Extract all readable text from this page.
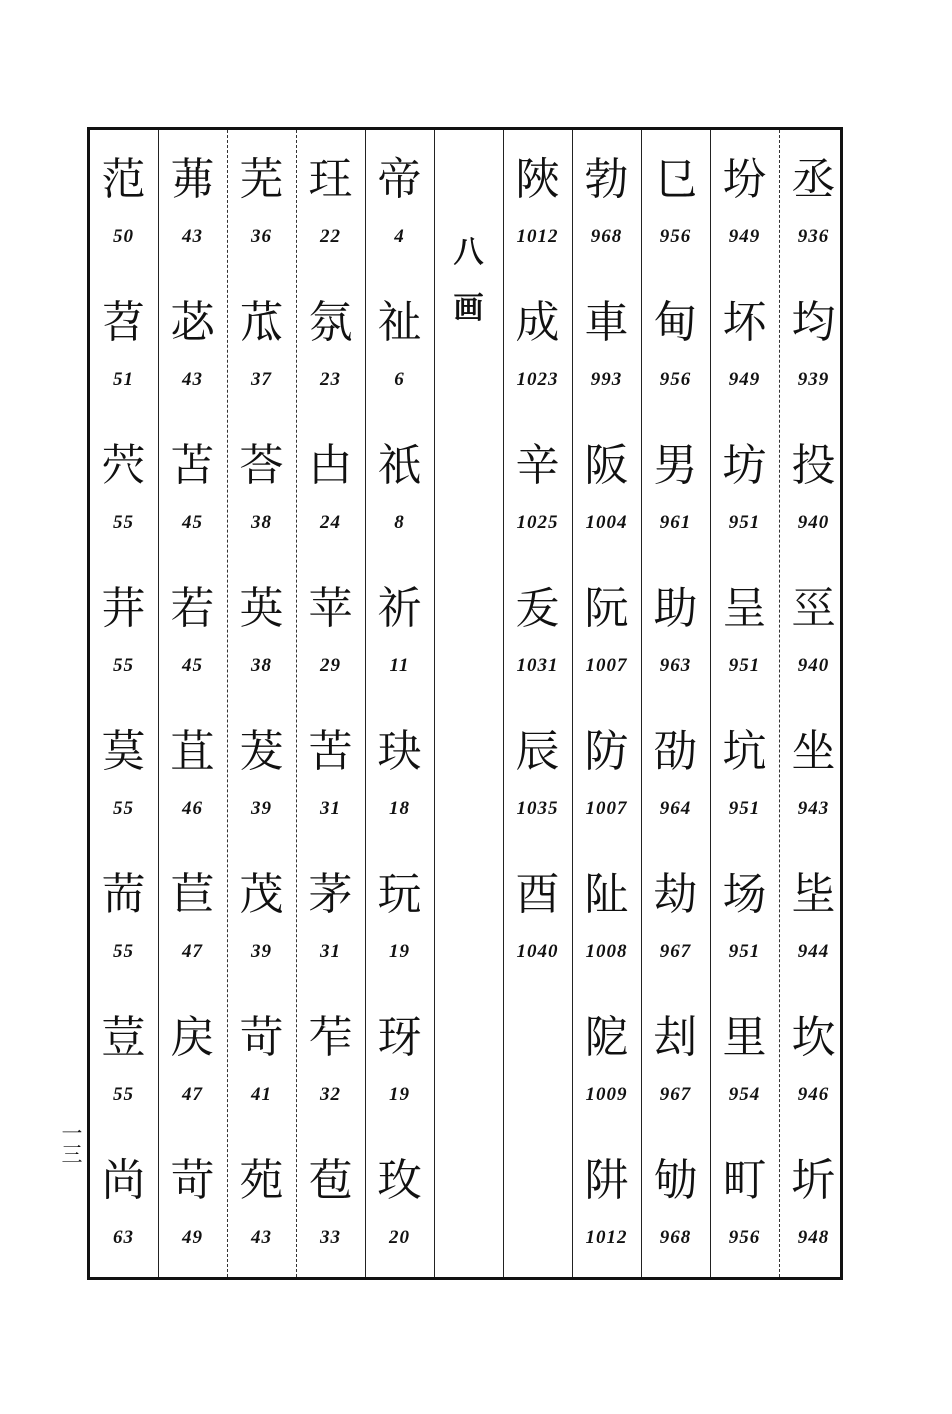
范
50
苕
51
茓
55
茾
55
茣
55
荋
55
荳
55
尚
63
茀
43
苾
43
苫
45
若
45
苴
46
苣
47
戻
47
苛
49
芜
36
苽
37
荅
38
英
38
茇
39
茂
39
苛
41
苑
43
玨
22
氛
23
甴
24
苹
29
苦
31
茅
31
苲
32
苞
33
帝
4
祉
6
祇
8
祈
11
玦
18
玩
19
玡
19
玫
20
八
画
陜
1012
成
1023
辛
1025
叐
1031
辰
1035
酉
1040
勃
968
車
993
阪
1004
阮
1007
防
1007
阯
1008
阸
1009
阱
1012
㔾
956
甸
956
男
961
助
963
劭
964
劫
967
刦
967
劬
968
坋
949
坏
949
坊
951
呈
951
坑
951
场
951
里
954
町
956
丞
936
均
939
投
940
巠
940
坐
943
坒
944
坎
946
圻
948
一三
